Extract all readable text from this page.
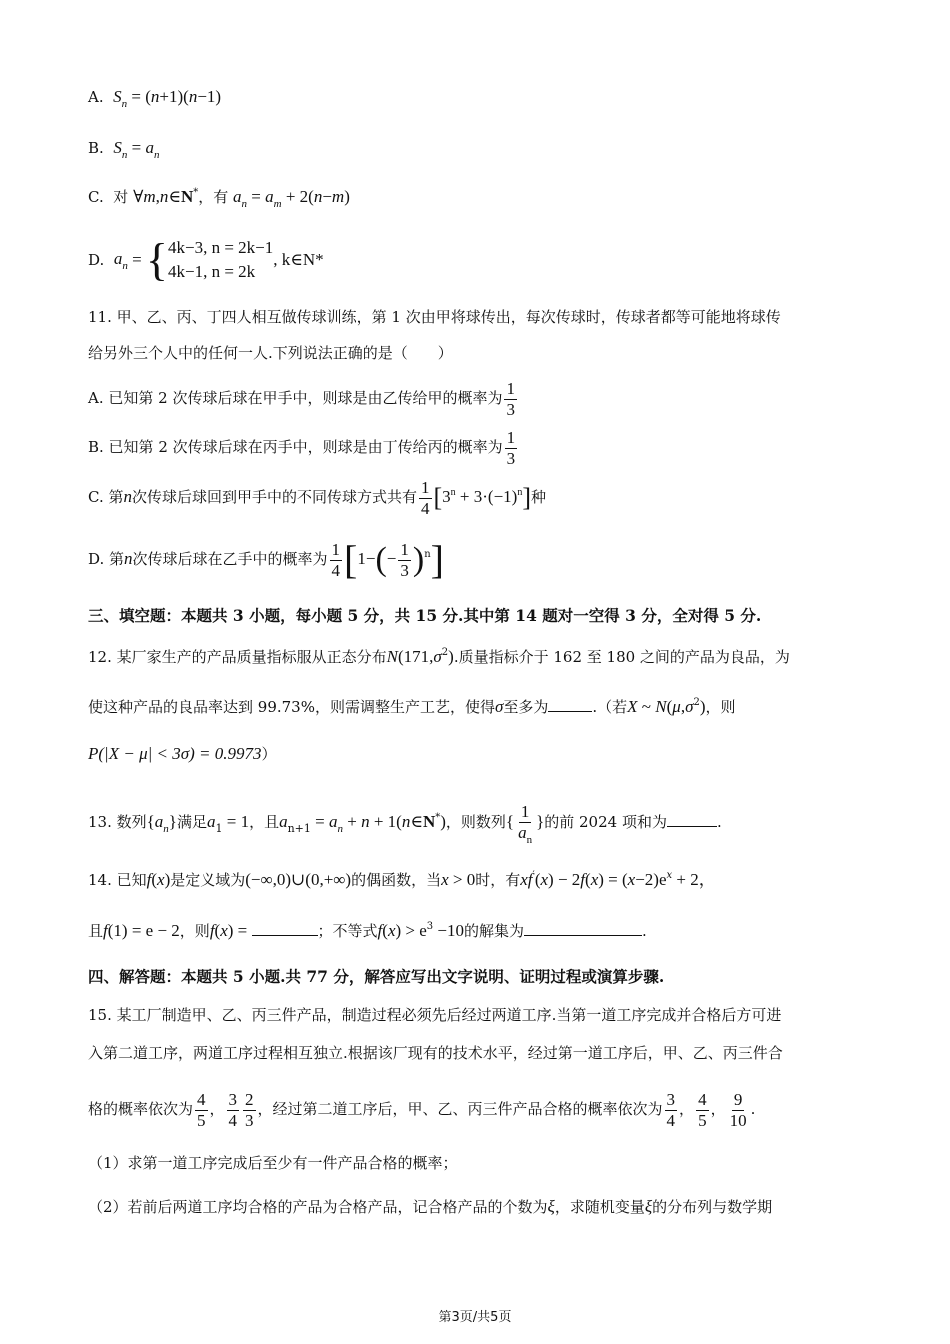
A. $S_n = (n+1)(n-1)$
B. $S_n = a_n$
C. 对 ∀m,n∈N*，有 $a_n = a_m + 2(n-m)$
D. $a_n$ = { 4k−3, n = 2k−1
4k−1, n = 2k
, k∈N*
11. 甲、乙、丙、丁四人相互做传球训练，第 1 次由甲将球传出，每次传球时，传球者都等可能地将球传
给另外三个人中的任何一人.下列说法正确的是（　　）
A. 已知第 2 次传球后球在甲手中，则球是由乙传给甲的概率为 $\frac{1}{3}$
B. 已知第 2 次传球后球在丙手中，则球是由丁传给丙的概率为 $\frac{1}{3}$
C. 第n次传球后球回到甲手中的不同传球方式共有 $\frac{1}{4} [3^n + 3\cdot(-1)^n]$种
D. 第n次传球后球在乙手中的概率为 $\frac{1}{4} [1-(- \frac{1}{3} )^n]$
三、填空题：本题共 3 小题，每小题 5 分，共 15 分.其中第 14 题对一空得 3 分，全对得 5 分.
12. 某厂家生产的产品质量指标服从正态分布$N(171,\sigma^2)$.质量指标介于 162 至 180 之间的产品为良品，为
使这种产品的良品率达到 99.73%，则需调整生产工艺，使得σ至多为	.（若X ~ $N(\mu,\sigma^2)$，则
P(|X − μ| < 3σ) = 0.9973）
13. 数列$\{a_n\}$满足$a_1 = 1$，且$a_{n+1} = a_n + n$ + 1(n∈N*)，则数列{ $\frac{1}{a_n}$ }的前 2024 项和为	.
14. 已知f(x)是定义域为(−∞,0)∪(0,+∞)的偶函数，当x > 0时，有$xf'(x) - 2f(x) = (x-2)e^x + 2$，
且f(1) = e − 2，则f(x) =	；不等式$f(x) > e^3 -10$的解集为	.
四、解答题：本题共 5 小题.共 77 分，解答应写出文字说明、证明过程或演算步骤.
15. 某工厂制造甲、乙、丙三件产品，制造过程必须先后经过两道工序.当第一道工序完成并合格后方可进
入第二道工序，两道工序过程相互独立.根据该厂现有的技术水平，经过第一道工序后，甲、乙、丙三件合
格的概率依次为 $\frac{4}{5}$ ， $\frac{3}{4} \frac{2}{3}$ ，经过第二道工序后，甲、乙、丙三件产品合格的概率依次为 $\frac{3}{4}$ ， $\frac{4}{5}$ ， $\frac{9}{10}$ .
（1）求第一道工序完成后至少有一件产品合格的概率；
（2）若前后两道工序均合格的产品为合格产品，记合格产品的个数为ξ，求随机变量ξ的分布列与数学期
第3页/共5页
